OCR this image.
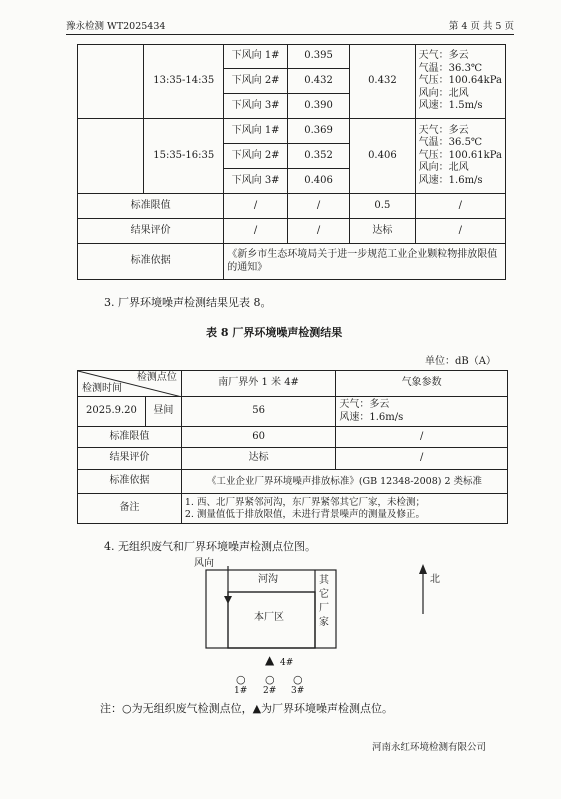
豫永检测 WT2025434	第 4 页 共 5 页
	13:35-14:35	下风向 1#	0.395	0.432	天气：多云
气温：36.3℃
气压：100.64kPa
风向：北风
风速：1.5m/s

		下风向 2#	0.432		
		下风向 3#	0.390		
	15:35-16:35	下风向 1#	0.369	0.406	天气：多云
气温：36.5℃
气压：100.61kPa
风向：北风
风速：1.6m/s

		下风向 2#	0.352		
		下风向 3#	0.406		
标准限值		/	/	0.5	/
结果评价		/	/	达标	/
标准依据		《新乡市生态环境局关于进一步规范工业企业颗粒物排放限值的通知》			
3. 厂界环境噪声检测结果见表 8。
表 8 厂界环境噪声检测结果
单位：dB（A）
检测点位
检测时间		南厂界外 1 米 4#	气象参数
2025.9.20	昼间	56	天气：多云
风速：1.6m/s

标准限值		60	/
结果评价		达标	/
标准依据		《工业企业厂界环境噪声排放标准》(GB 12348-2008) 2 类标准	
备注		1. 西、北厂界紧邻河沟，东厂界紧邻其它厂家，未检测；
2. 测量值低于排放限值，未进行背景噪声的测量及修正。	
4. 无组织废气和厂界环境噪声检测点位图。
风向
河沟	其
它
厂
家
本厂区
北
▲ 4#
○ ○ ○
1# 2# 3#
注：○为无组织废气检测点位，▲为厂界环境噪声检测点位。
河南永红环境检测有限公司
